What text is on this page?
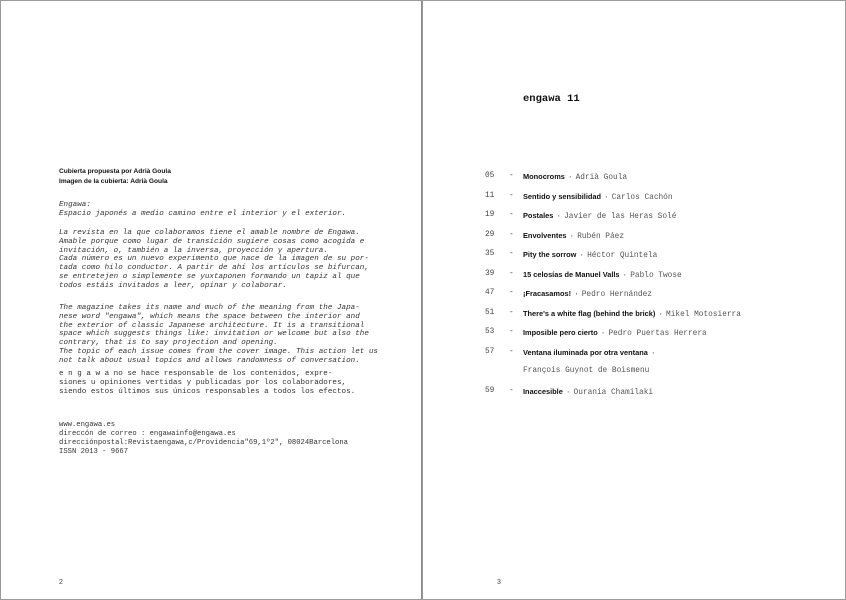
Cubierta propuesta por Adrià Goula
Imagen de la cubierta: Adrià Goula
Engawa:
Espacio japonés a medio camino entre el interior y el exterior.
La revista en la que colaboramos tiene el amable nombre de Engawa.
Amable porque como lugar de transición sugiere cosas como acogida e
invitación, o, también a la inversa, proyección y apertura.
Cada número es un nuevo experimento que nace de la imagen de su por-
tada como hilo conductor. A partir de ahí los artículos se bifurcan,
se entretejen o simplemente se yuxtaponen formando un tapiz al que
todos estáis invitados a leer, opinar y colaborar.
The magazine takes its name and much of the meaning from the Japa-
nese word "engawa", which means the space between the interior and
the exterior of classic Japanese architecture. It is a transitional
space which suggests things like: invitation or welcome but also the
contrary, that is to say projection and opening.
The topic of each issue comes from the cover image. This action let us
not talk about usual topics and allows randomness of conversation.
e n g a w a no se hace responsable de los contenidos, expre-
siones u opiniones vertidas y publicadas por los colaboradores,
siendo estos últimos sus únicos responsables a todos los efectos.
www.engawa.es
direccón de correo : engawainfo@engawa.es
direcciónpostal:Revistaengawa,c/Providencia"69,1º2", 08024Barcelona
ISSN 2013 - 9667
2
engawa 11
05 - Monocroms · Adrià Goula
11 - Sentido y sensibilidad · Carlos Cachón
19 - Postales · Javier de las Heras Solé
29 - Envolventes · Rubén Páez
35 - Pity the sorrow · Héctor Quintela
39 - 15 celosías de Manuel Valls · Pablo Twose
47 - ¡Fracasamos! · Pedro Hernández
51 - There's a white flag (behind the brick) · Mikel Motosierra
53 - Imposible pero cierto · Pedro Puertas Herrera
57 - Ventana iluminada por otra ventana ·
François Guynot de Boismenu
59 - Inaccesible · Ourania Chamilaki
3
